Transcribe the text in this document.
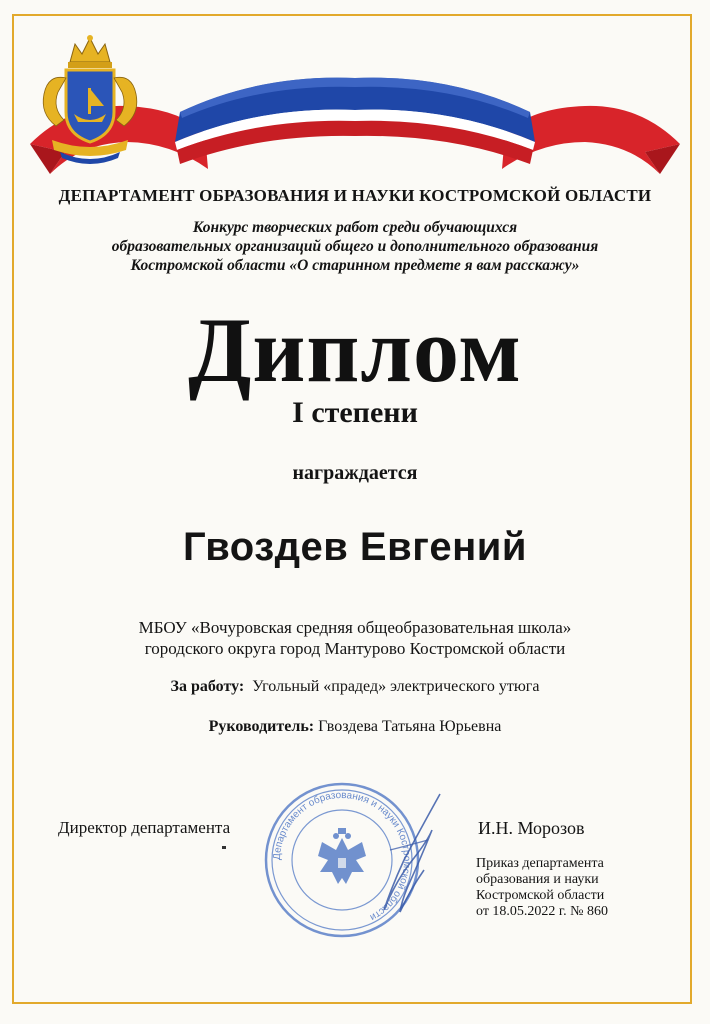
ДЕПАРТАМЕНТ ОБРАЗОВАНИЯ И НАУКИ КОСТРОМСКОЙ ОБЛАСТИ
Конкурс творческих работ среди обучающихся
образовательных организаций общего и дополнительного образования
Костромской области «О старинном предмете я вам расскажу»
Диплом
I степени
награждается
Гвоздев Евгений
МБОУ «Вочуровская средняя общеобразовательная школа»
городского округа город Мантурово Костромской области
За работу: Угольный «прадед» электрического утюга
Руководитель: Гвоздева Татьяна Юрьевна
Директор департамента
Департамент образования и науки Костромской области
И.Н. Морозов
Приказ департамента
образования и науки
Костромской области
от 18.05.2022 г. № 860
